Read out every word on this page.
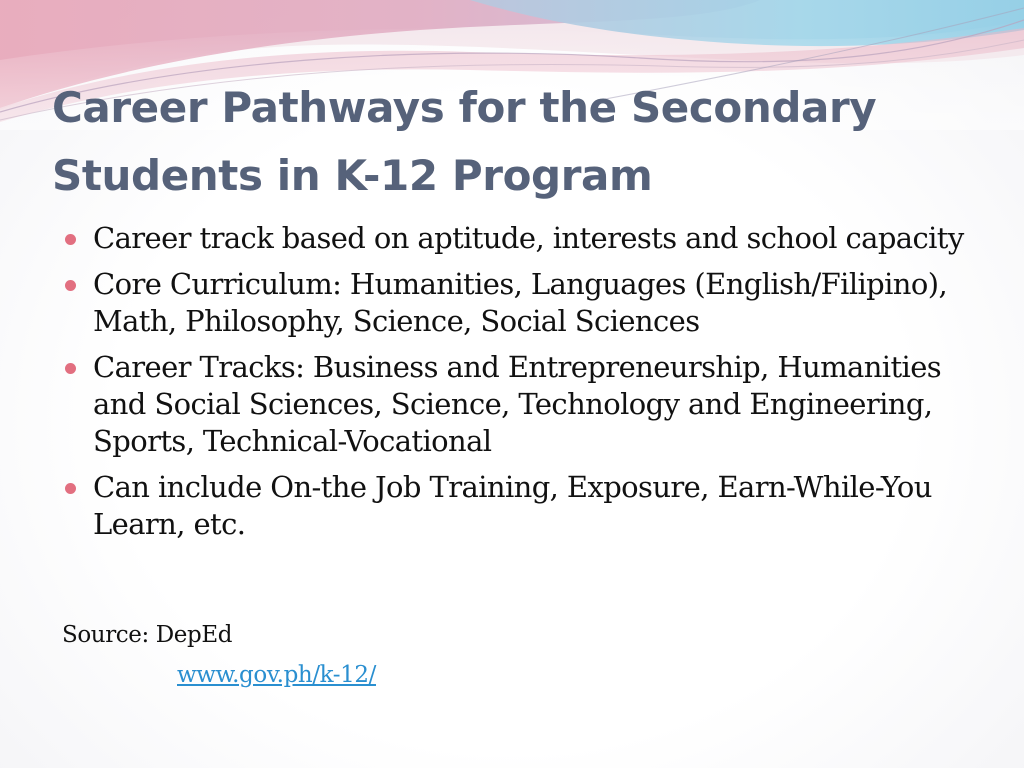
Career Pathways for the Secondary Students in K-12 Program
Career track based on aptitude, interests and school capacity
Core Curriculum: Humanities, Languages (English/Filipino), Math, Philosophy, Science, Social Sciences
Career Tracks: Business and Entrepreneurship, Humanities and Social Sciences, Science, Technology and Engineering, Sports, Technical-Vocational
Can include On-the Job Training, Exposure, Earn-While-You Learn, etc.

Source: DepEd

www.gov.ph/k-12/
